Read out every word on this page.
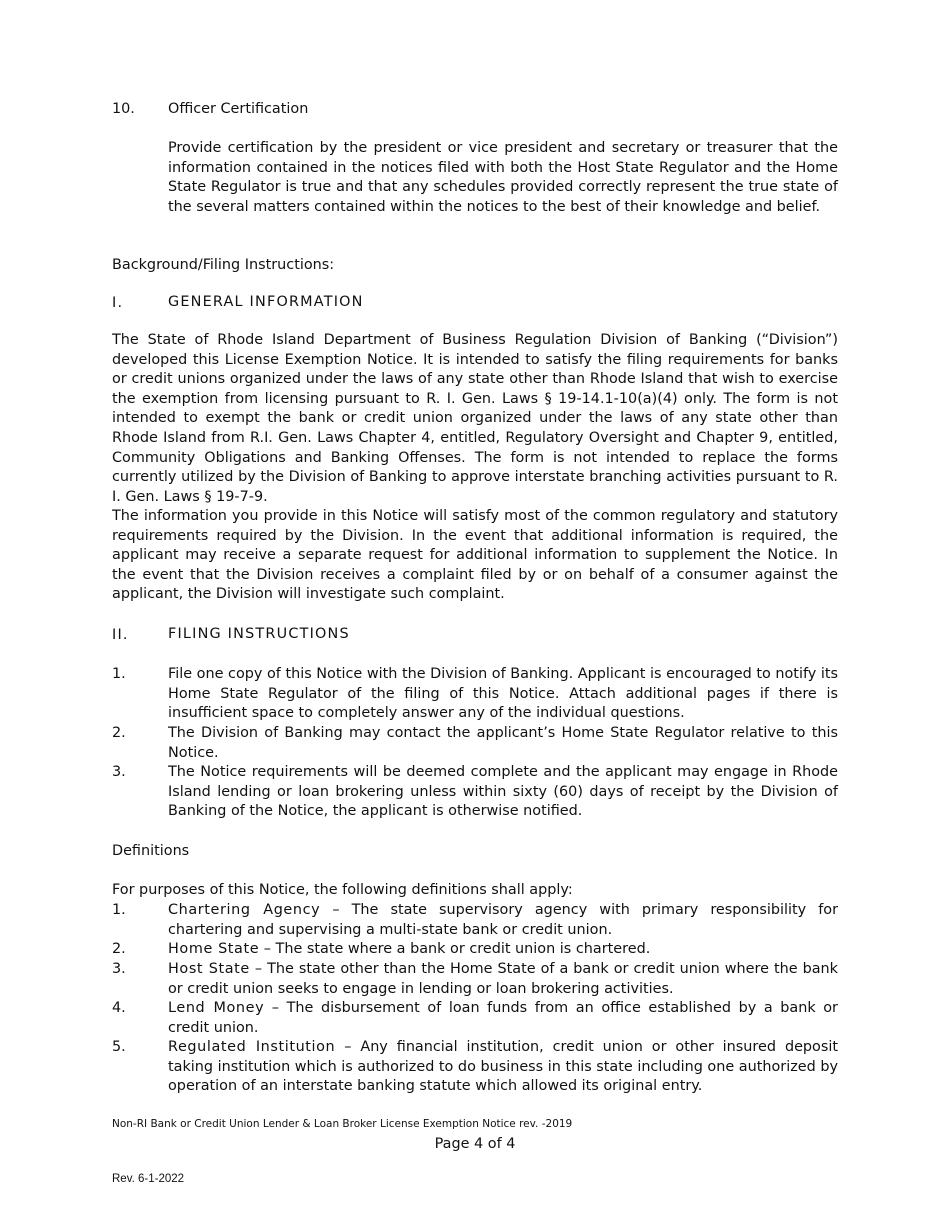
10. Officer Certification
Provide certification by the president or vice president and secretary or treasurer that the information contained in the notices filed with both the Host State Regulator and the Home State Regulator is true and that any schedules provided correctly represent the true state of the several matters contained within the notices to the best of their knowledge and belief.
Background/Filing Instructions:
I.	GENERAL INFORMATION
The State of Rhode Island Department of Business Regulation Division of Banking (“Division”) developed this License Exemption Notice. It is intended to satisfy the filing requirements for banks or credit unions organized under the laws of any state other than Rhode Island that wish to exercise the exemption from licensing pursuant to R. I. Gen. Laws § 19-14.1-10(a)(4) only. The form is not intended to exempt the bank or credit union organized under the laws of any state other than Rhode Island from R.I. Gen. Laws Chapter 4, entitled, Regulatory Oversight and Chapter 9, entitled, Community Obligations and Banking Offenses. The form is not intended to replace the forms currently utilized by the Division of Banking to approve interstate branching activities pursuant to R. I. Gen. Laws § 19-7-9.
The information you provide in this Notice will satisfy most of the common regulatory and statutory requirements required by the Division. In the event that additional information is required, the applicant may receive a separate request for additional information to supplement the Notice. In the event that the Division receives a complaint filed by or on behalf of a consumer against the applicant, the Division will investigate such complaint.
II.	FILING INSTRUCTIONS
1.	File one copy of this Notice with the Division of Banking. Applicant is encouraged to notify its Home State Regulator of the filing of this Notice. Attach additional pages if there is insufficient space to completely answer any of the individual questions.
2.	The Division of Banking may contact the applicant’s Home State Regulator relative to this Notice.
3.	The Notice requirements will be deemed complete and the applicant may engage in Rhode Island lending or loan brokering unless within sixty (60) days of receipt by the Division of Banking of the Notice, the applicant is otherwise notified.
Definitions
For purposes of this Notice, the following definitions shall apply:
1.	Chartering Agency – The state supervisory agency with primary responsibility for chartering and supervising a multi-state bank or credit union.
2.	Home State – The state where a bank or credit union is chartered.
3.	Host State – The state other than the Home State of a bank or credit union where the bank or credit union seeks to engage in lending or loan brokering activities.
4.	Lend Money – The disbursement of loan funds from an office established by a bank or credit union.
5.	Regulated Institution – Any financial institution, credit union or other insured deposit taking institution which is authorized to do business in this state including one authorized by operation of an interstate banking statute which allowed its original entry.
Non-RI Bank or Credit Union Lender & Loan Broker License Exemption Notice rev. -2019
Page 4 of 4
Rev. 6-1-2022
